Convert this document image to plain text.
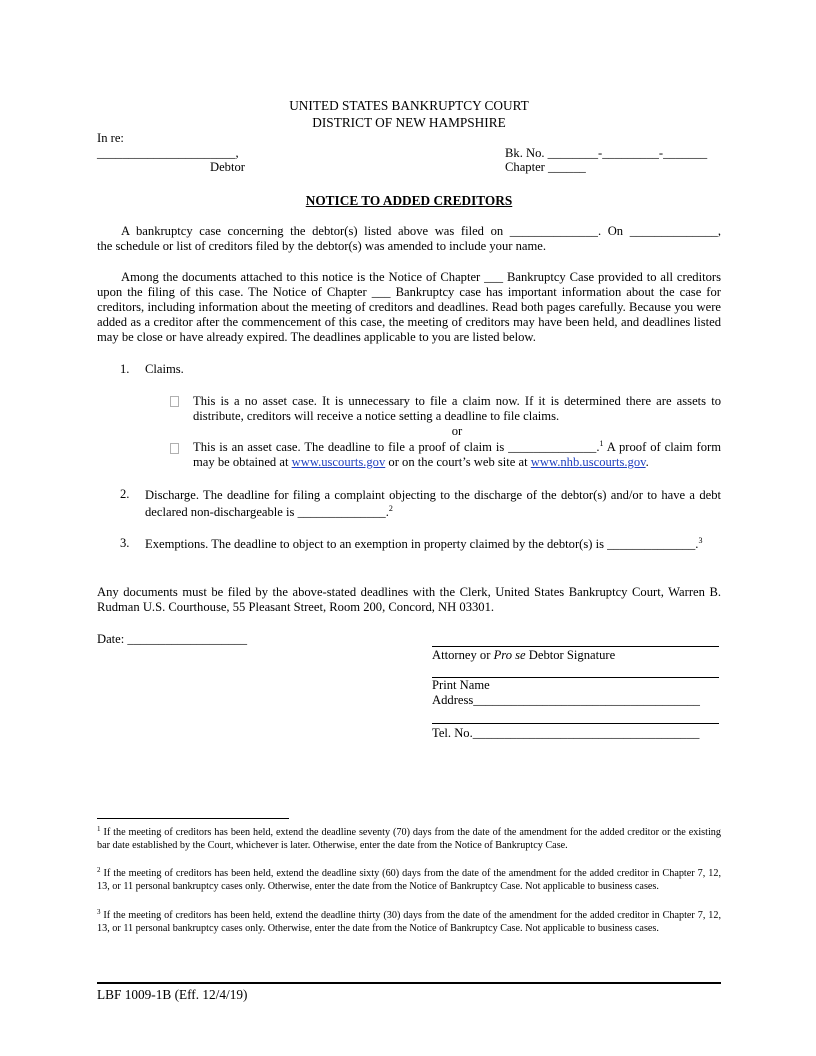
UNITED STATES BANKRUPTCY COURT
DISTRICT OF NEW HAMPSHIRE
In re:
______________________,
Debtor
Bk. No. ________-_________-_______
Chapter ______
NOTICE TO ADDED CREDITORS
A bankruptcy case concerning the debtor(s) listed above was filed on ______________. On ______________,
the schedule or list of creditors filed by the debtor(s) was amended to include your name.
Among the documents attached to this notice is the Notice of Chapter ___ Bankruptcy Case provided to all creditors upon the filing of this case. The Notice of Chapter ___ Bankruptcy case has important information about the case for creditors, including information about the meeting of creditors and deadlines. Read both pages carefully. Because you were added as a creditor after the commencement of this case, the meeting of creditors may have been held, and deadlines listed may be close or have already expired. The deadlines applicable to you are listed below.
1. Claims.
This is a no asset case. It is unnecessary to file a claim now. If it is determined there are assets to distribute, creditors will receive a notice setting a deadline to file claims.
or
This is an asset case. The deadline to file a proof of claim is ______________.$^1$ A proof of claim form may be obtained at www.uscourts.gov or on the court’s web site at www.nhb.uscourts.gov.
2. Discharge. The deadline for filing a complaint objecting to the discharge of the debtor(s) and/or to have a debt declared non-dischargeable is ______________.$^2$
3. Exemptions. The deadline to object to an exemption in property claimed by the debtor(s) is ______________.$^3$
Any documents must be filed by the above-stated deadlines with the Clerk, United States Bankruptcy Court, Warren B. Rudman U.S. Courthouse, 55 Pleasant Street, Room 200, Concord, NH 03301.
Date: ___________________
Attorney or Pro se Debtor Signature
Print Name
Address____________________________________
Tel. No.____________________________________
$^1$ If the meeting of creditors has been held, extend the deadline seventy (70) days from the date of the amendment for the added creditor or the existing bar date established by the Court, whichever is later. Otherwise, enter the date from the Notice of Bankruptcy Case.
$^2$ If the meeting of creditors has been held, extend the deadline sixty (60) days from the date of the amendment for the added creditor in Chapter 7, 12, 13, or 11 personal bankruptcy cases only. Otherwise, enter the date from the Notice of Bankruptcy Case. Not applicable to business cases.
$^3$ If the meeting of creditors has been held, extend the deadline thirty (30) days from the date of the amendment for the added creditor in Chapter 7, 12, 13, or 11 personal bankruptcy cases only. Otherwise, enter the date from the Notice of Bankruptcy Case. Not applicable to business cases.
LBF 1009-1B (Eff. 12/4/19)
